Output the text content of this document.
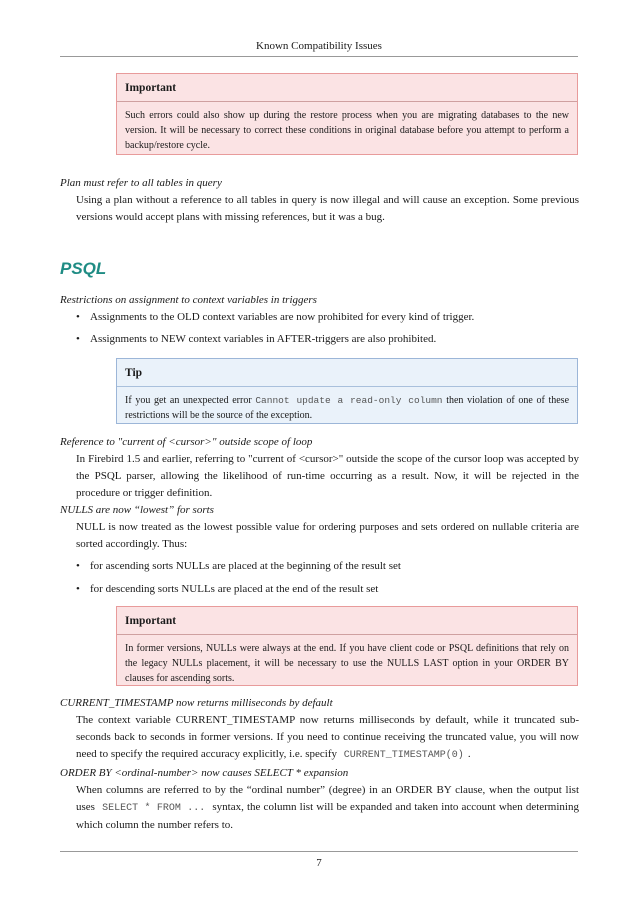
Known Compatibility Issues
Important
Such errors could also show up during the restore process when you are migrating databases to the new version. It will be necessary to correct these conditions in original database before you attempt to perform a backup/restore cycle.
Plan must refer to all tables in query
Using a plan without a reference to all tables in query is now illegal and will cause an exception. Some previous versions would accept plans with missing references, but it was a bug.
PSQL
Restrictions on assignment to context variables in triggers
• Assignments to the OLD context variables are now prohibited for every kind of trigger.
• Assignments to NEW context variables in AFTER-triggers are also prohibited.
Tip
If you get an unexpected error Cannot update a read-only column then violation of one of these restrictions will be the source of the exception.
Reference to "current of <cursor>" outside scope of loop
In Firebird 1.5 and earlier, referring to "current of <cursor>" outside the scope of the cursor loop was accepted by the PSQL parser, allowing the likelihood of run-time occurring as a result. Now, it will be rejected in the procedure or trigger definition.
NULLS are now “lowest” for sorts
NULL is now treated as the lowest possible value for ordering purposes and sets ordered on nullable criteria are sorted accordingly. Thus:
• for ascending sorts NULLs are placed at the beginning of the result set
• for descending sorts NULLs are placed at the end of the result set
Important
In former versions, NULLs were always at the end. If you have client code or PSQL definitions that rely on the legacy NULLs placement, it will be necessary to use the NULLS LAST option in your ORDER BY clauses for ascending sorts.
CURRENT_TIMESTAMP now returns milliseconds by default
The context variable CURRENT_TIMESTAMP now returns milliseconds by default, while it truncated sub-seconds back to seconds in former versions. If you need to continue receiving the truncated value, you will now need to specify the required accuracy explicitly, i.e. specify CURRENT_TIMESTAMP(0) .
ORDER BY <ordinal-number> now causes SELECT * expansion
When columns are referred to by the “ordinal number” (degree) in an ORDER BY clause, when the output list uses SELECT * FROM ... syntax, the column list will be expanded and taken into account when determining which column the number refers to.
7
